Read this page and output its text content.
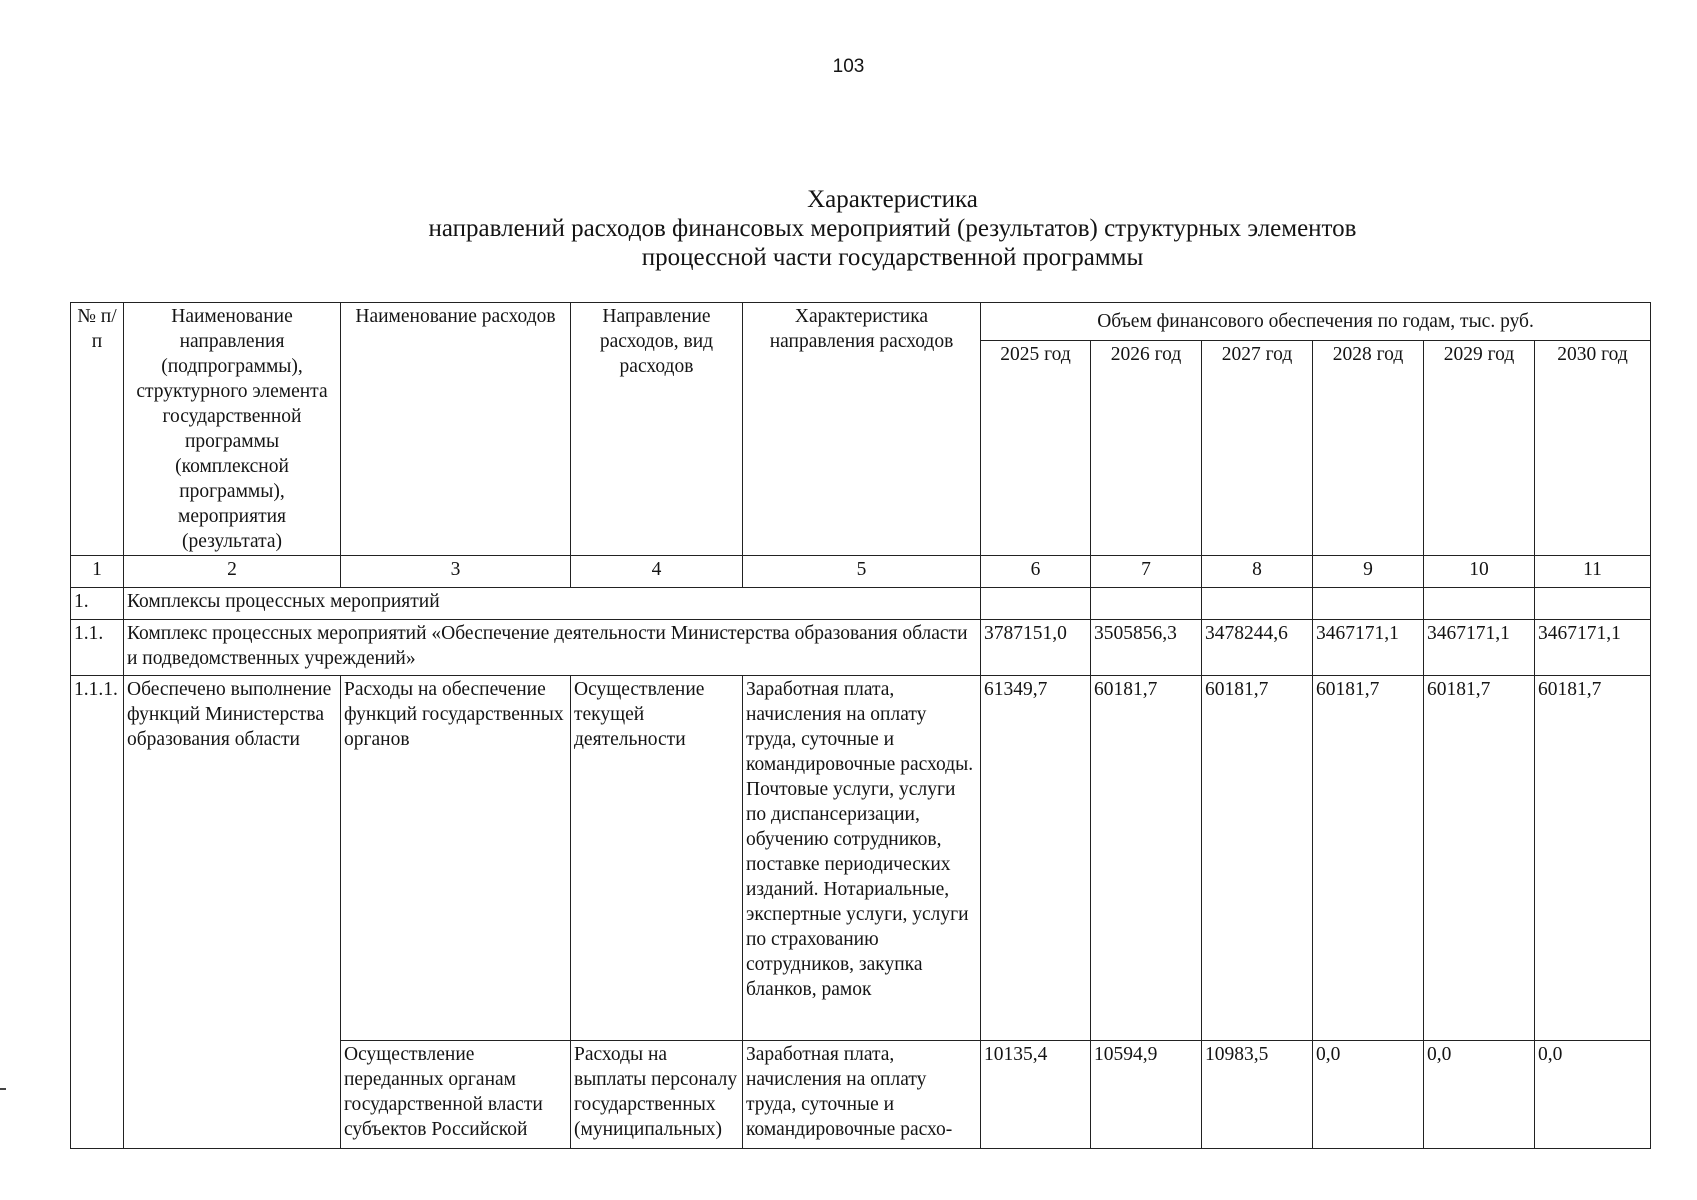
103
Характеристика
направлений расходов финансовых мероприятий (результатов) структурных элементов
процессной части государственной программы
№ п/п	Наименование направления (подпрограммы), структурного элемента государственной программы (комплексной программы), мероприятия (результата)	Наименование расходов	Направление расходов, вид расходов	Характеристика направления расходов	Объем финансового обеспечения по годам, тыс. руб.					
					2025 год	2026 год	2027 год	2028 год	2029 год	2030 год
1	2	3	4	5	6	7	8	9	10	11
1.	Комплексы процессных мероприятий									
1.1.	Комплекс процессных мероприятий «Обеспечение деятельности Министерства образования области и подведомственных учреждений»				3787151,0	3505856,3	3478244,6	3467171,1	3467171,1	3467171,1
1.1.1.	Обеспечено выполнение функций Министерства образования области	Расходы на обеспечение функций государственных органов	Осуществление текущей деятельности	Заработная плата, начисления на оплату труда, суточные и командировочные расходы. Почтовые услуги, услуги по диспансеризации, обучению сотрудников, поставке периодических изданий. Нотариальные, экспертные услуги, услуги по страхованию сотрудников, закупка бланков, рамок	61349,7	60181,7	60181,7	60181,7	60181,7	60181,7
		Осуществление переданных органам государственной власти субъектов Российской	Расходы на выплаты персоналу государственных (муниципальных)	Заработная плата, начисления на оплату труда, суточные и командировочные расхо-	10135,4	10594,9	10983,5	0,0	0,0	0,0
